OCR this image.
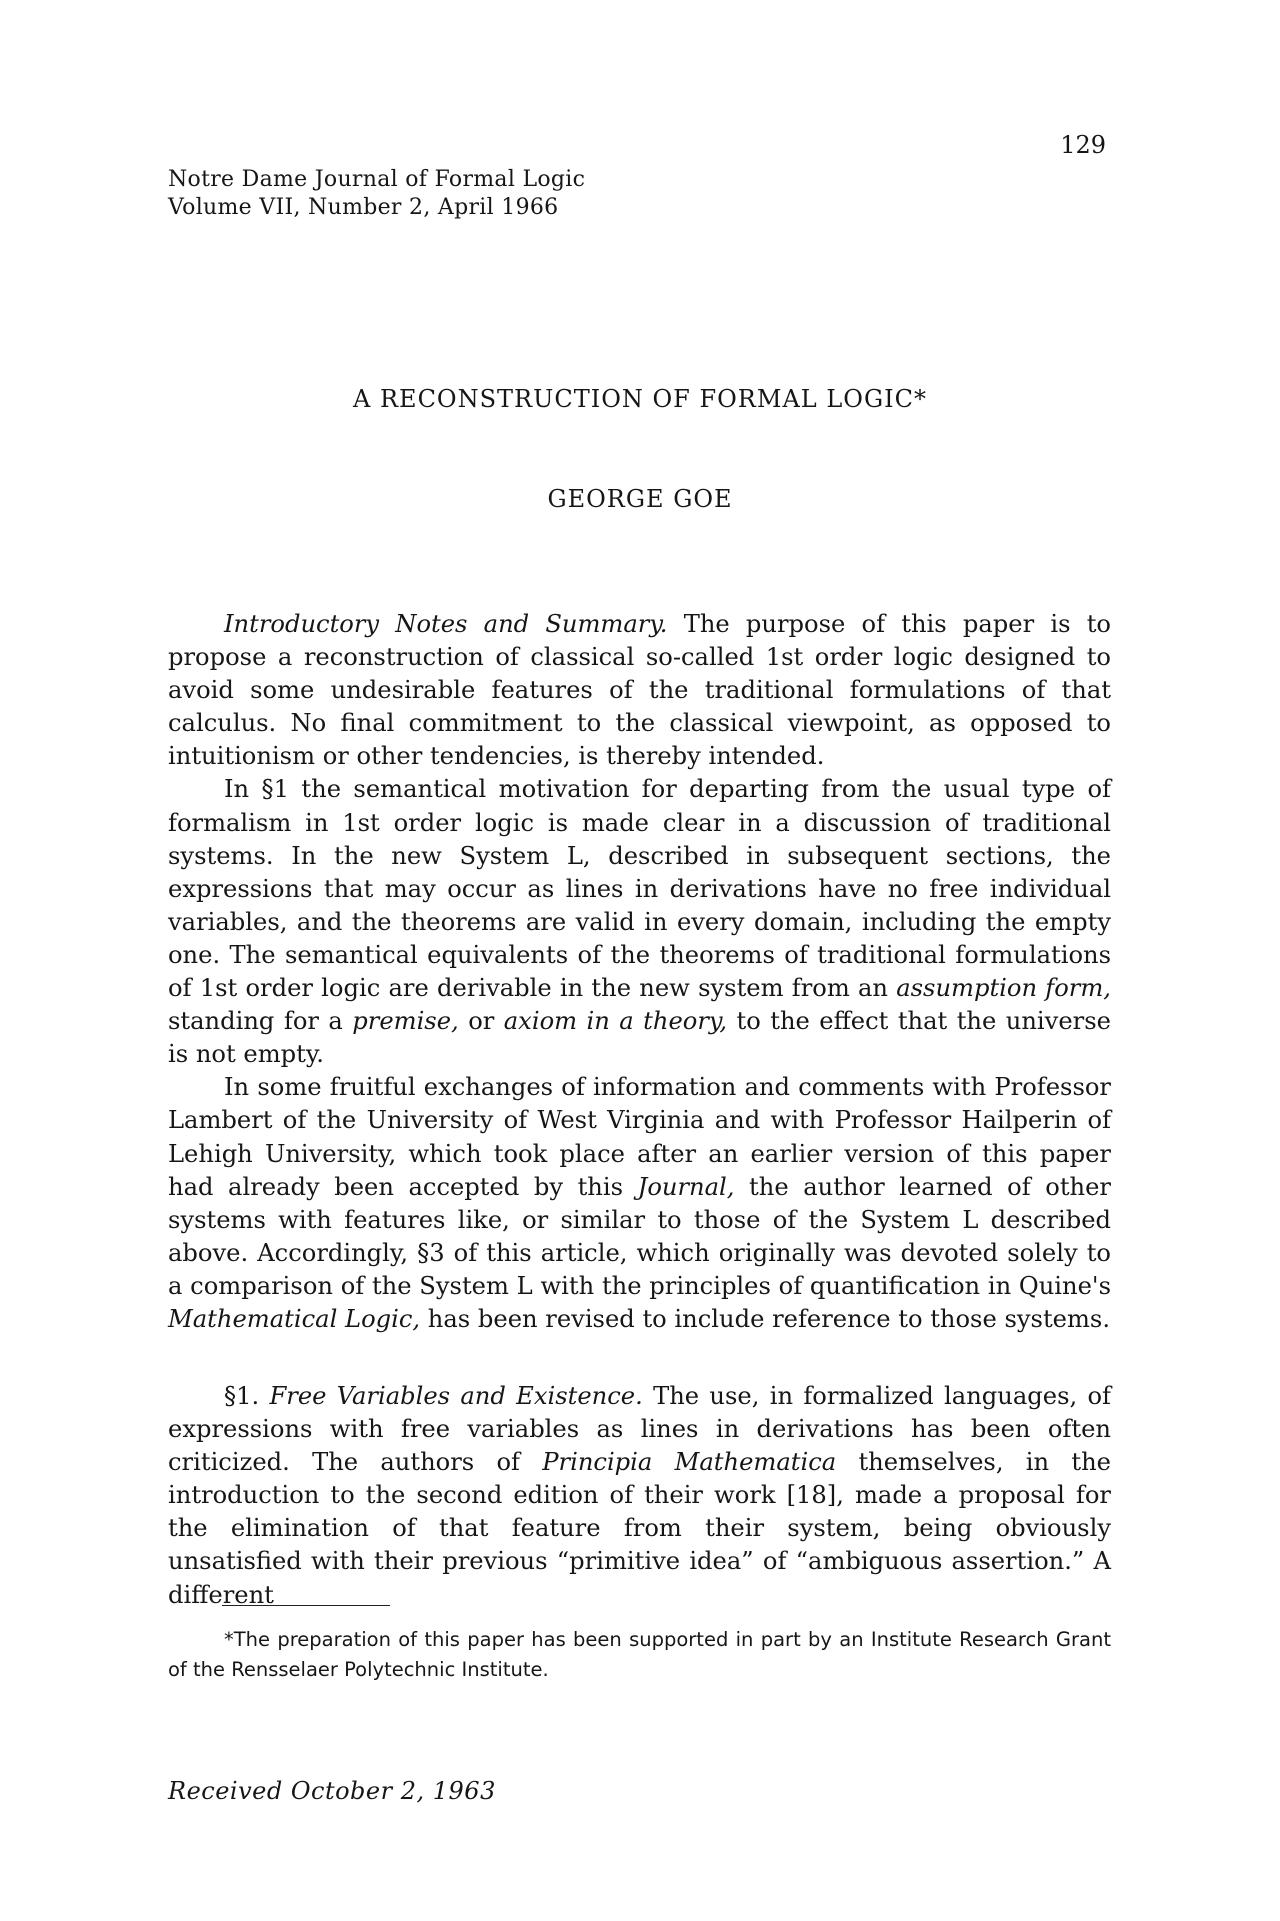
Notre Dame Journal of Formal Logic
Volume VII, Number 2, April 1966
129
A RECONSTRUCTION OF FORMAL LOGIC*
GEORGE GOE

Introductory Notes and Summary. The purpose of this paper is to propose a reconstruction of classical so-called 1st order logic designed to avoid some undesirable features of the traditional formulations of that calculus. No final commitment to the classical viewpoint, as opposed to intuitionism or other tendencies, is thereby intended.

In §1 the semantical motivation for departing from the usual type of formalism in 1st order logic is made clear in a discussion of traditional systems. In the new System L, described in subsequent sections, the expressions that may occur as lines in derivations have no free individual variables, and the theorems are valid in every domain, including the empty one. The semantical equivalents of the theorems of traditional formulations of 1st order logic are derivable in the new system from an assumption form, standing for a premise, or axiom in a theory, to the effect that the universe is not empty.

In some fruitful exchanges of information and comments with Professor Lambert of the University of West Virginia and with Professor Hailperin of Lehigh University, which took place after an earlier version of this paper had already been accepted by this Journal, the author learned of other systems with features like, or similar to those of the System L described above. Accordingly, §3 of this article, which originally was devoted solely to a comparison of the System L with the principles of quantification in Quine's Mathematical Logic, has been revised to include reference to those systems.

§1. Free Variables and Existence. The use, in formalized languages, of expressions with free variables as lines in derivations has been often criticized. The authors of Principia Mathematica themselves, in the introduction to the second edition of their work [18], made a proposal for the elimination of that feature from their system, being obviously unsatisfied with their previous “primitive idea” of “ambiguous assertion.” A different

*The preparation of this paper has been supported in part by an Institute Research Grant of the Rensselaer Polytechnic Institute.

Received October 2, 1963
